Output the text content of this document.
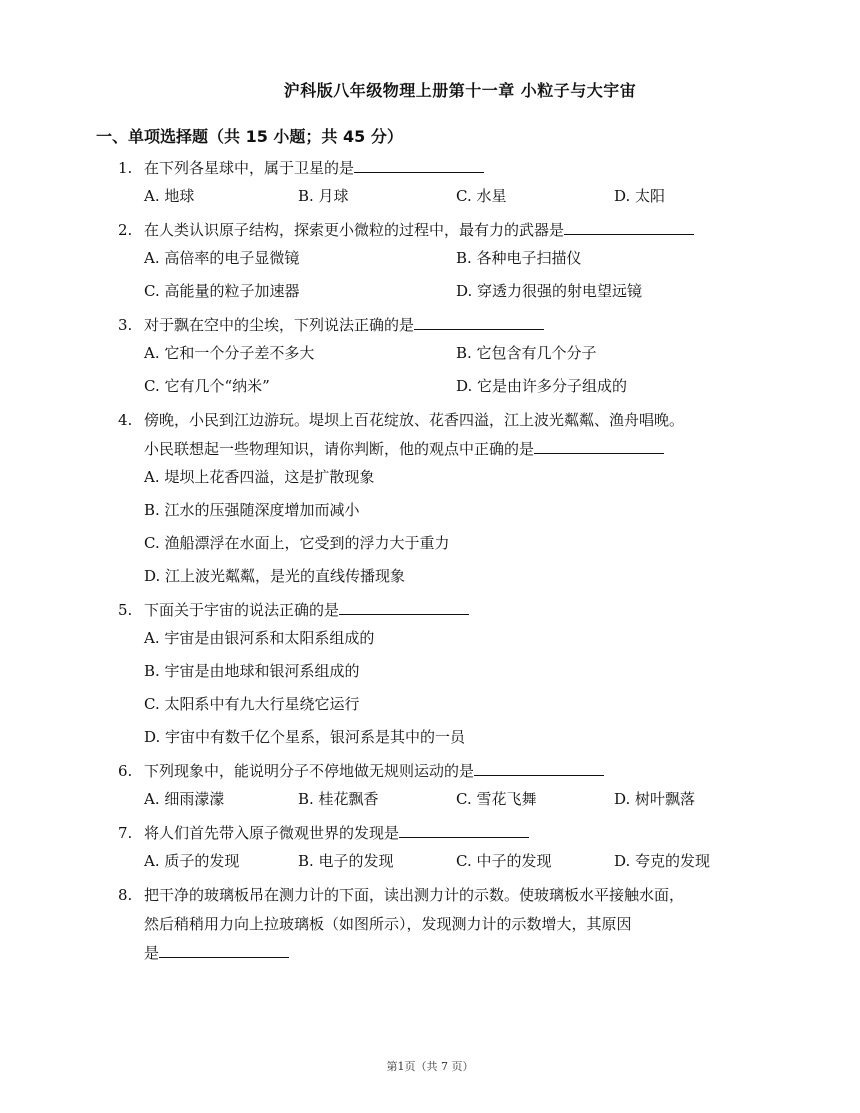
沪科版八年级物理上册第十一章 小粒子与大宇宙
一、单项选择题（共 15 小题；共 45 分）
1. 在下列各星球中，属于卫星的是
A. 地球	B. 月球	C. 水星	D. 太阳
2. 在人类认识原子结构，探索更小微粒的过程中，最有力的武器是
A. 高倍率的电子显微镜	B. 各种电子扫描仪
C. 高能量的粒子加速器	D. 穿透力很强的射电望远镜
3. 对于飘在空中的尘埃，下列说法正确的是
A. 它和一个分子差不多大	B. 它包含有几个分子
C. 它有几个“纳米”	D. 它是由许多分子组成的
4. 傍晚，小民到江边游玩。堤坝上百花绽放、花香四溢，江上波光粼粼、渔舟唱晚。
小民联想起一些物理知识，请你判断，他的观点中正确的是
A. 堤坝上花香四溢，这是扩散现象
B. 江水的压强随深度增加而减小
C. 渔船漂浮在水面上，它受到的浮力大于重力
D. 江上波光粼粼，是光的直线传播现象
5. 下面关于宇宙的说法正确的是
A. 宇宙是由银河系和太阳系组成的
B. 宇宙是由地球和银河系组成的
C. 太阳系中有九大行星绕它运行
D. 宇宙中有数千亿个星系，银河系是其中的一员
6. 下列现象中，能说明分子不停地做无规则运动的是
A. 细雨濛濛	B. 桂花飘香	C. 雪花飞舞	D. 树叶飘落
7. 将人们首先带入原子微观世界的发现是
A. 质子的发现	B. 电子的发现	C. 中子的发现	D. 夸克的发现
8. 把干净的玻璃板吊在测力计的下面，读出测力计的示数。使玻璃板水平接触水面，
然后稍稍用力向上拉玻璃板（如图所示），发现测力计的示数增大，其原因
是
第1页（共 7 页）
